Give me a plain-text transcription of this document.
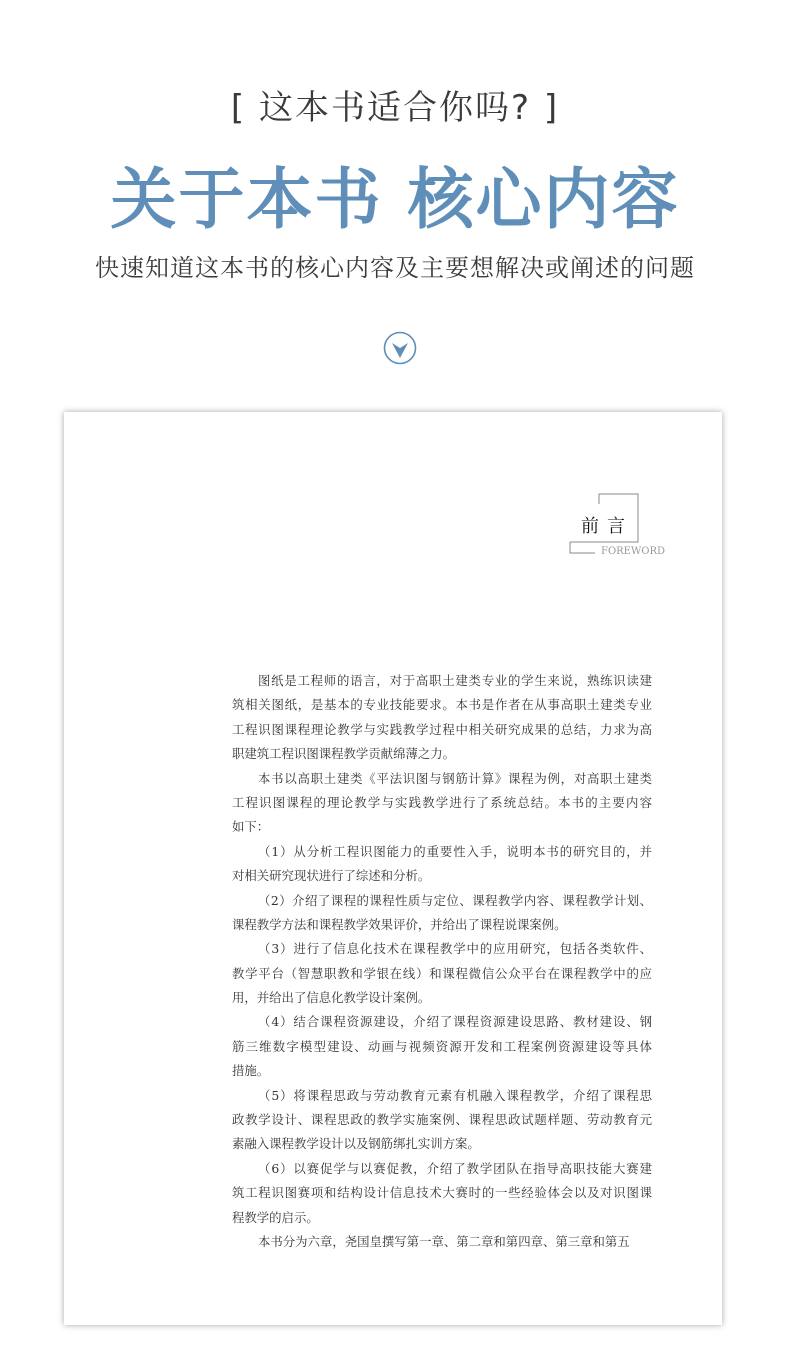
[ 这本书适合你吗? ]
关于本书 核心内容
快速知道这本书的核心内容及主要想解决或阐述的问题
前言
FOREWORD
图纸是工程师的语言，对于高职土建类专业的学生来说，熟练识读建
筑相关图纸，是基本的专业技能要求。本书是作者在从事高职土建类专业
工程识图课程理论教学与实践教学过程中相关研究成果的总结，力求为高
职建筑工程识图课程教学贡献绵薄之力。
本书以高职土建类《平法识图与钢筋计算》课程为例，对高职土建类
工程识图课程的理论教学与实践教学进行了系统总结。本书的主要内容
如下：
（1）从分析工程识图能力的重要性入手，说明本书的研究目的，并
对相关研究现状进行了综述和分析。
（2）介绍了课程的课程性质与定位、课程教学内容、课程教学计划、
课程教学方法和课程教学效果评价，并给出了课程说课案例。
（3）进行了信息化技术在课程教学中的应用研究，包括各类软件、
教学平台（智慧职教和学银在线）和课程微信公众平台在课程教学中的应
用，并给出了信息化教学设计案例。
（4）结合课程资源建设，介绍了课程资源建设思路、教材建设、钢
筋三维数字模型建设、动画与视频资源开发和工程案例资源建设等具体
措施。
（5）将课程思政与劳动教育元素有机融入课程教学，介绍了课程思
政教学设计、课程思政的教学实施案例、课程思政试题样题、劳动教育元
素融入课程教学设计以及钢筋绑扎实训方案。
（6）以赛促学与以赛促教，介绍了教学团队在指导高职技能大赛建
筑工程识图赛项和结构设计信息技术大赛时的一些经验体会以及对识图课
程教学的启示。
本书分为六章，尧国皇撰写第一章、第二章和第四章、第三章和第五
